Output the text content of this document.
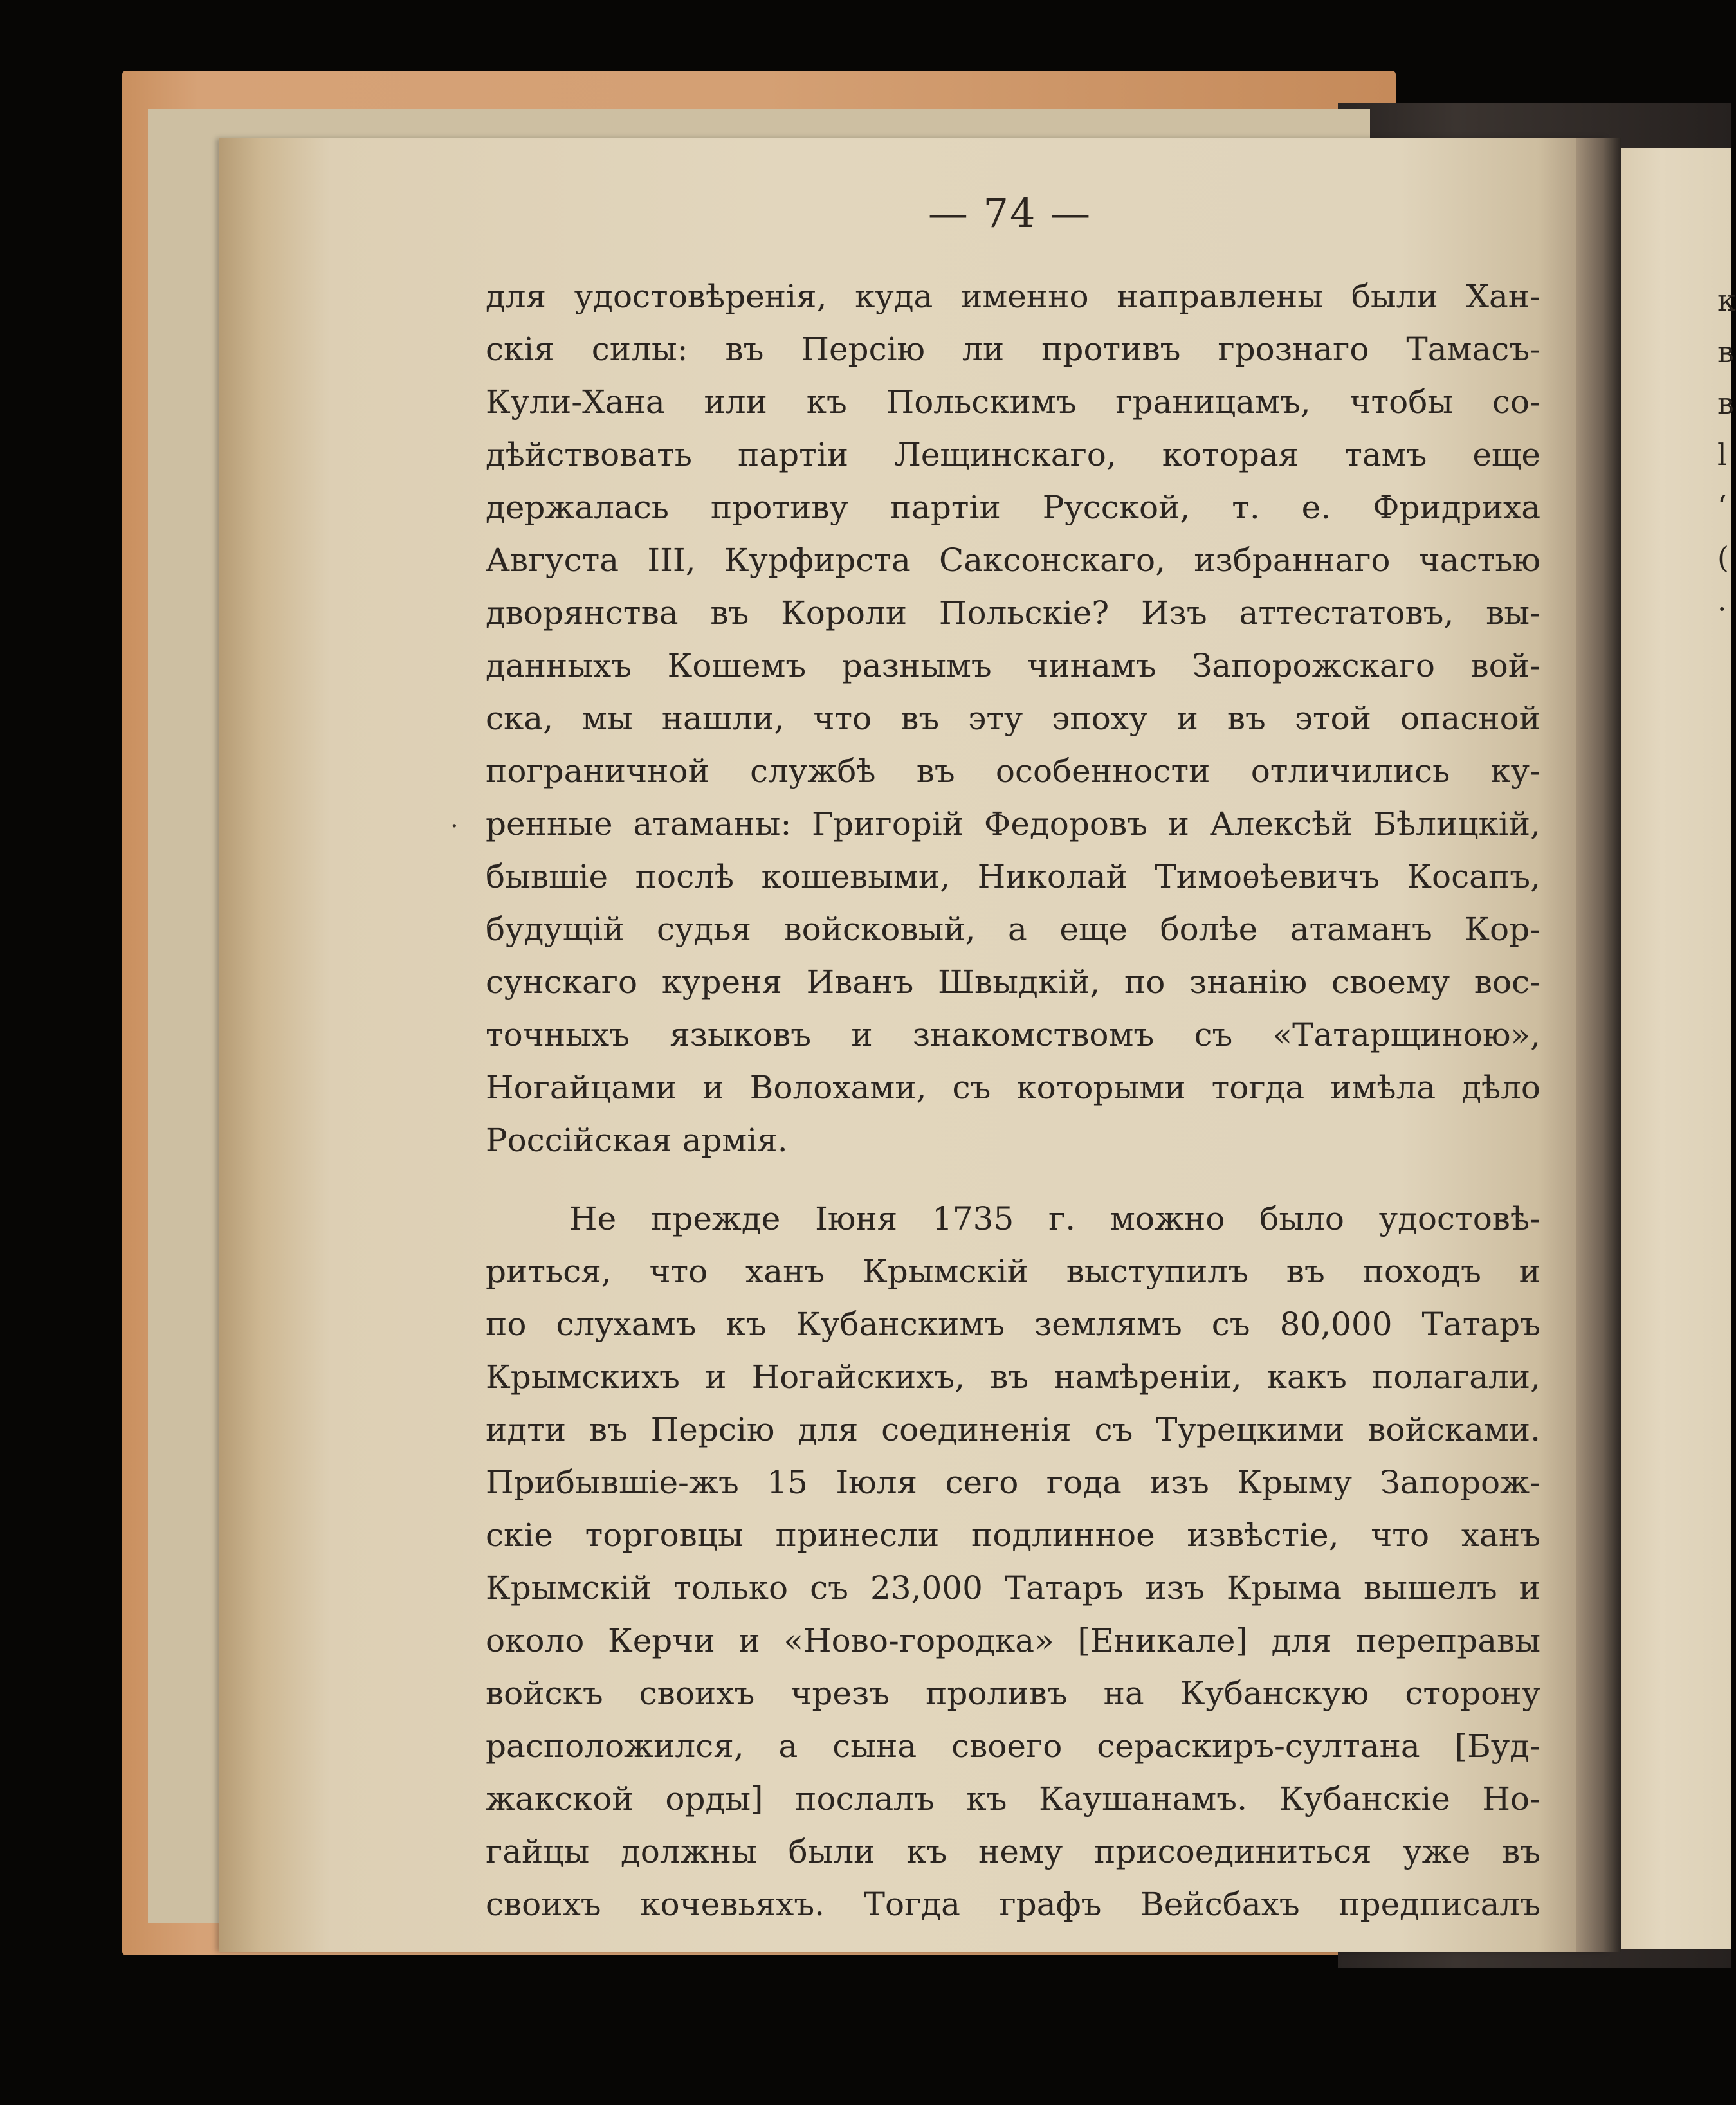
к
в
в
l
‘
(
·
— 74 —
.
для удостовѣренія, куда именно направлены были Хан-
скія силы: въ Персію ли противъ грознаго Тамасъ-
Кули-Хана или къ Польскимъ границамъ, чтобы со-
дѣйствовать партіи Лещинскаго, которая тамъ еще
держалась противу партіи Русской, т. е. Фридриха
Августа III, Курфирста Саксонскаго, избраннаго частью
дворянства въ Короли Польскіе? Изъ аттестатовъ, вы-
данныхъ Кошемъ разнымъ чинамъ Запорожскаго вой-
ска, мы нашли, что въ эту эпоху и въ этой опасной
пограничной службѣ въ особенности отличились ку-
ренные атаманы: Григорій Федоровъ и Алексѣй Бѣлицкій,
бывшіе послѣ кошевыми, Николай Тимоѳѣевичъ Косапъ,
будущій судья войсковый, а еще болѣе атаманъ Кор-
сунскаго куреня Иванъ Швыдкій, по знанію своему вос-
точныхъ языковъ и знакомствомъ съ «Татарщиною»,
Ногайцами и Волохами, съ которыми тогда имѣла дѣло
Россійская армія.
Не прежде Іюня 1735 г. можно было удостовѣ-
риться, что ханъ Крымскій выступилъ въ походъ и
по слухамъ къ Кубанскимъ землямъ съ 80,000 Татаръ
Крымскихъ и Ногайскихъ, въ намѣреніи, какъ полагали,
идти въ Персію для соединенія съ Турецкими войсками.
Прибывшіе-жъ 15 Іюля сего года изъ Крыму Запорож-
скіе торговцы принесли подлинное извѣстіе, что ханъ
Крымскій только съ 23,000 Татаръ изъ Крыма вышелъ и
около Керчи и «Ново-городка» [Еникале] для переправы
войскъ своихъ чрезъ проливъ на Кубанскую сторону
расположился, а сына своего сераскиръ-султана [Буд-
жакской орды] послалъ къ Каушанамъ. Кубанскіе Но-
гайцы должны были къ нему присоединиться уже въ
своихъ кочевьяхъ. Тогда графъ Вейсбахъ предписалъ
